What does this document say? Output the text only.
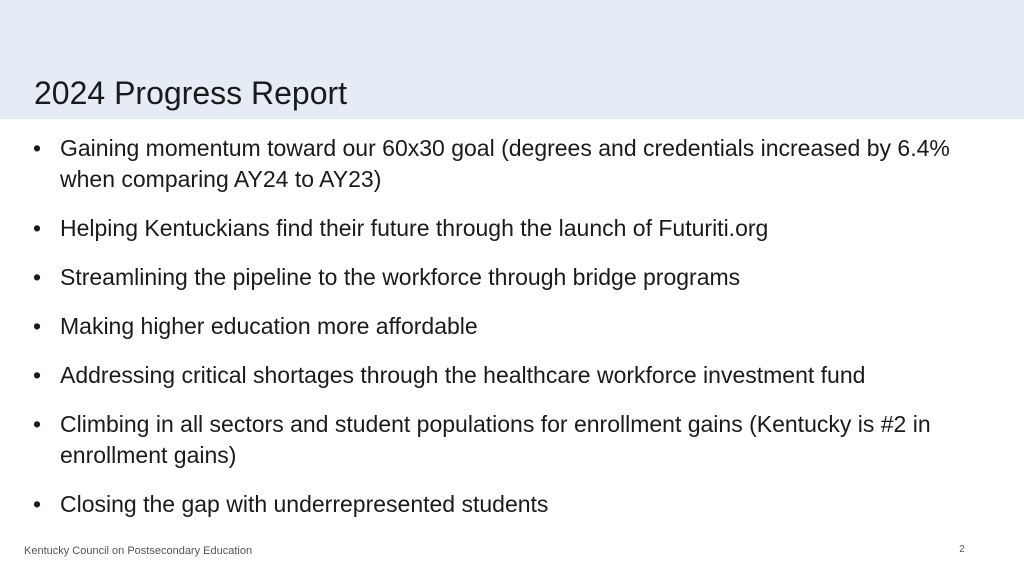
2024 Progress Report
• Gaining momentum toward our 60x30 goal (degrees and credentials increased by 6.4% when comparing AY24 to AY23)
• Helping Kentuckians find their future through the launch of Futuriti.org
• Streamlining the pipeline to the workforce through bridge programs
• Making higher education more affordable
• Addressing critical shortages through the healthcare workforce investment fund
• Climbing in all sectors and student populations for enrollment gains (Kentucky is #2 in enrollment gains)
• Closing the gap with underrepresented students
Kentucky Council on Postsecondary Education	2
